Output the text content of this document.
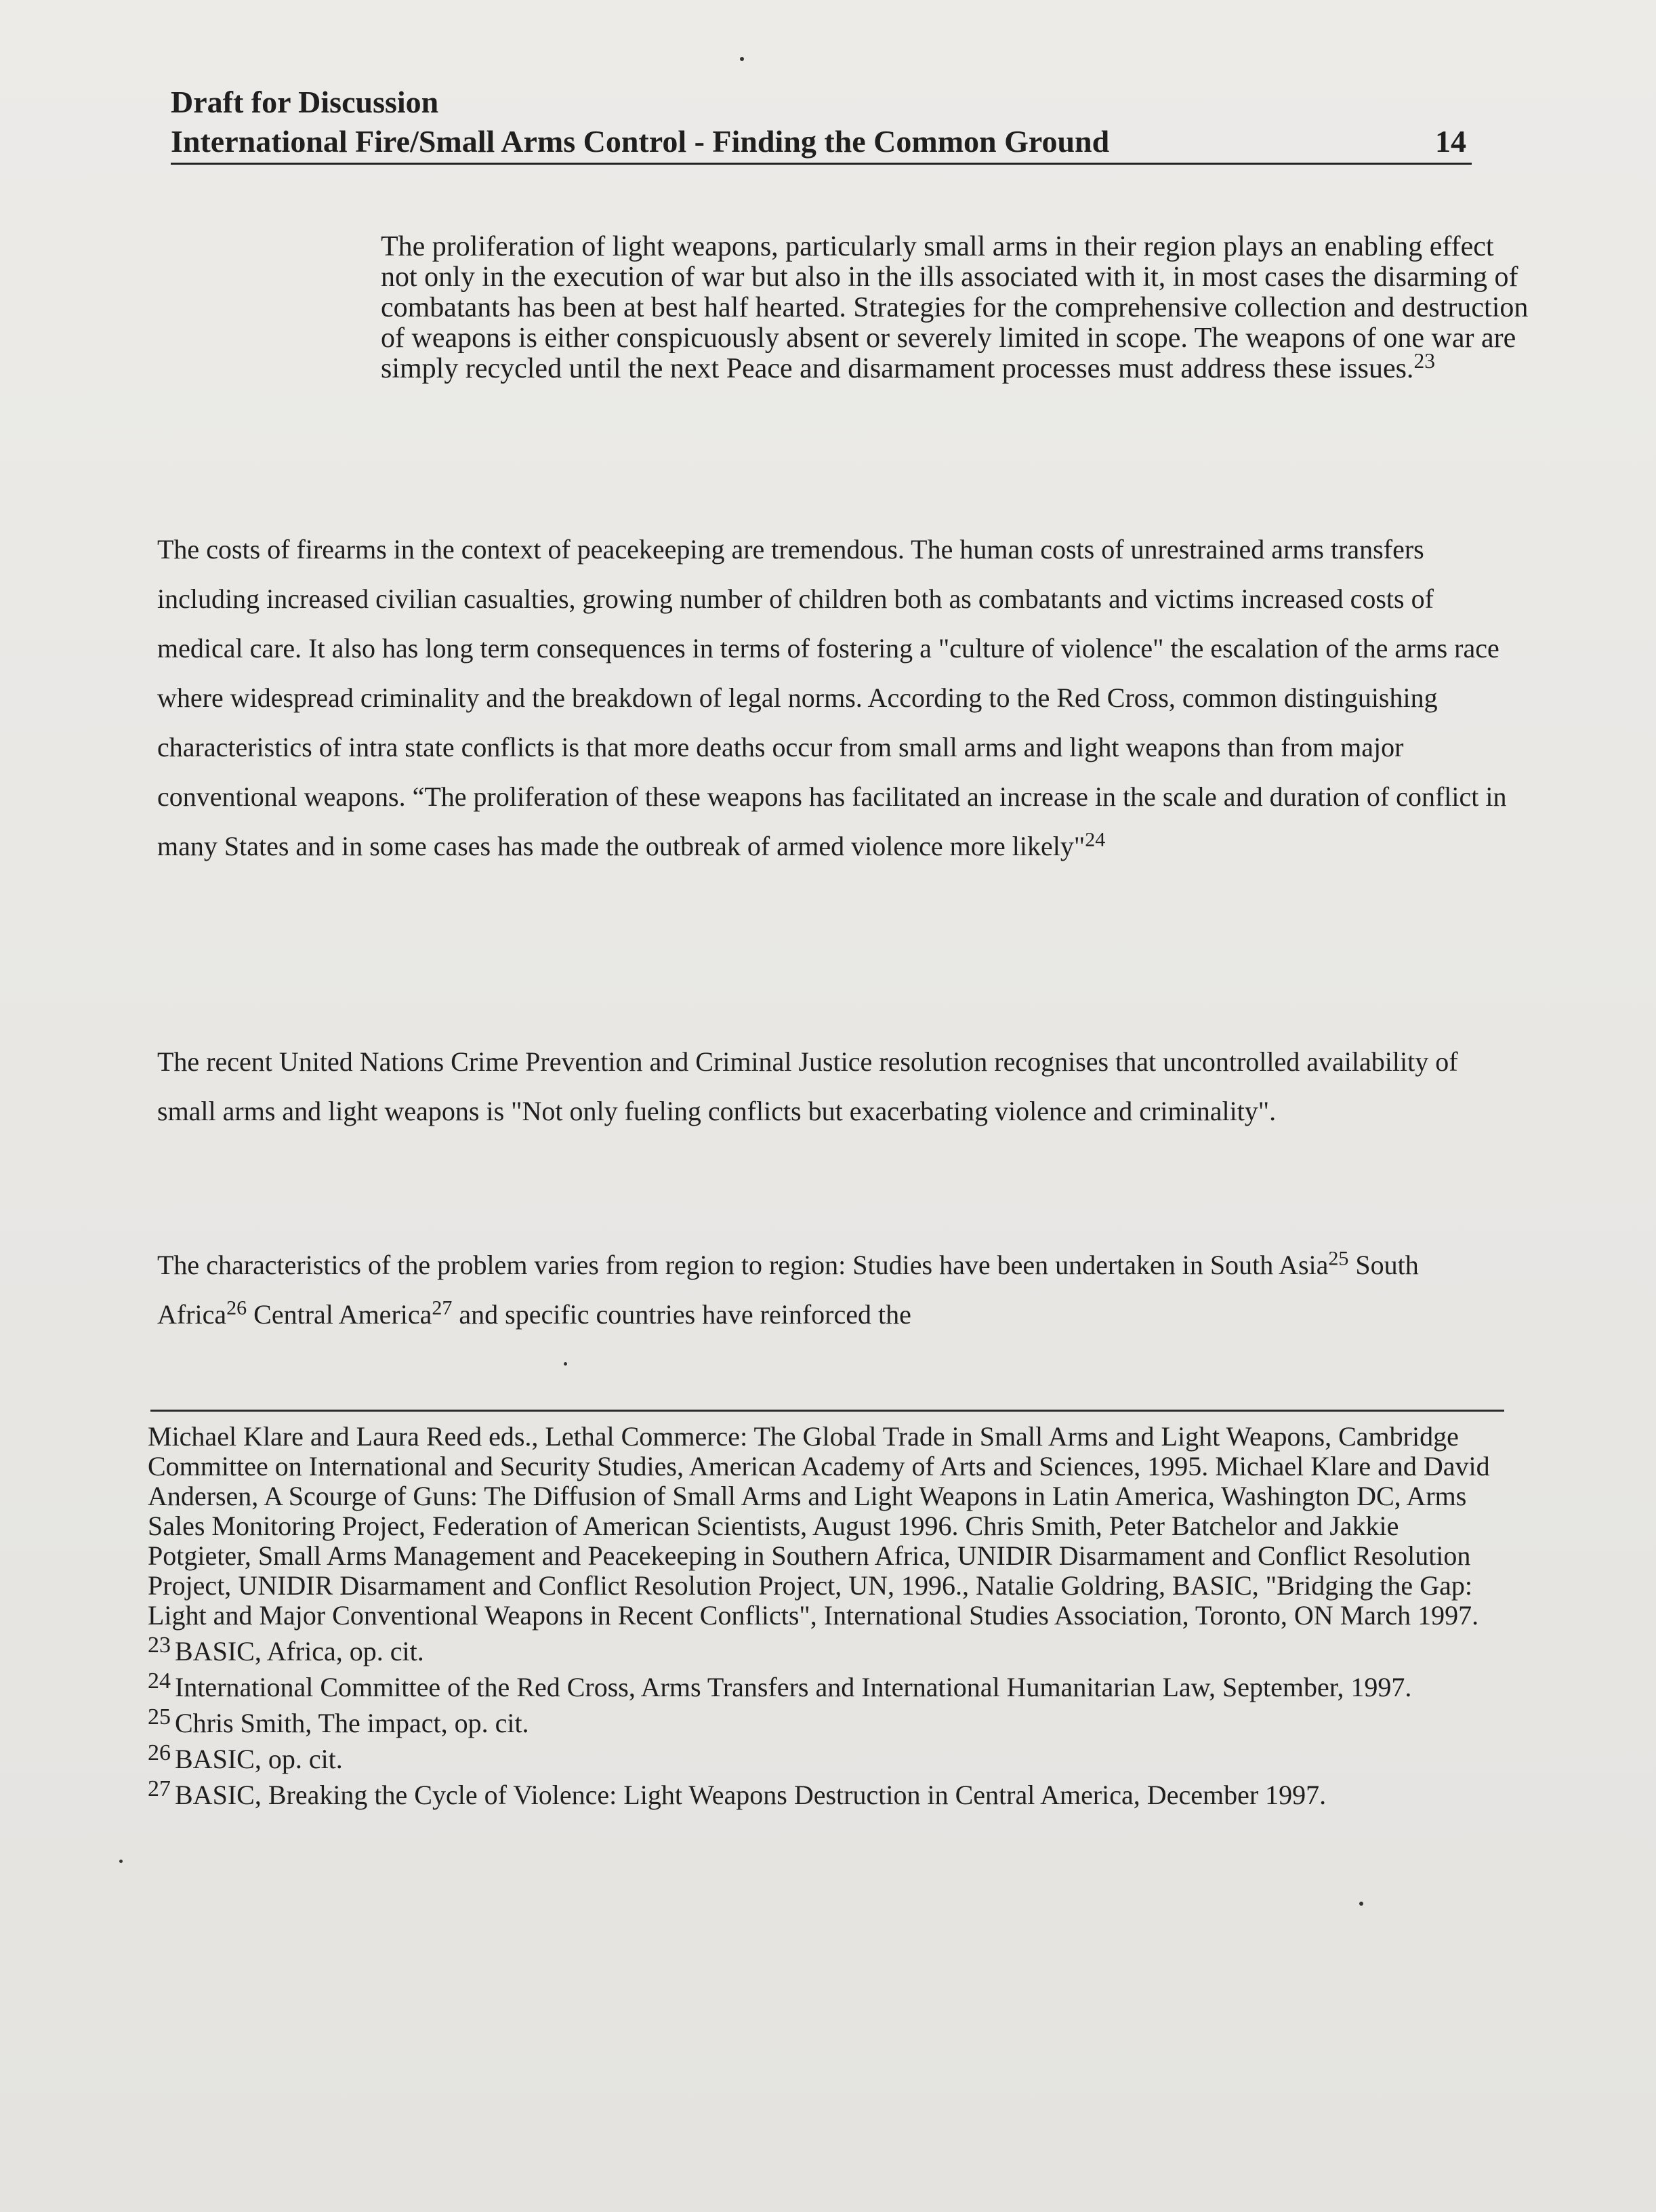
Draft for Discussion
International Fire/Small Arms Control - Finding the Common Ground	14

The proliferation of light weapons, particularly small arms in their region plays an enabling effect not only in the execution of war but also in the ills associated with it, in most cases the disarming of combatants has been at best half hearted. Strategies for the comprehensive collection and destruction of weapons is either conspicuously absent or severely limited in scope. The weapons of one war are simply recycled until the next Peace and disarmament processes must address these issues.$^{23}$

The costs of firearms in the context of peacekeeping are tremendous. The human costs of unrestrained arms transfers including increased civilian casualties, growing number of children both as combatants and victims increased costs of medical care. It also has long term consequences in terms of fostering a "culture of violence" the escalation of the arms race where widespread criminality and the breakdown of legal norms. According to the Red Cross, common distinguishing characteristics of intra state conflicts is that more deaths occur from small arms and light weapons than from major conventional weapons. “The proliferation of these weapons has facilitated an increase in the scale and duration of conflict in many States and in some cases has made the outbreak of armed violence more likely"$^{24}$

The recent United Nations Crime Prevention and Criminal Justice resolution recognises that uncontrolled availability of small arms and light weapons is "Not only fueling conflicts but exacerbating violence and criminality".

The characteristics of the problem varies from region to region: Studies have been undertaken in South Asia$^{25}$ South Africa$^{26}$ Central America$^{27}$ and specific countries have reinforced the

Michael Klare and Laura Reed eds., Lethal Commerce: The Global Trade in Small Arms and Light Weapons, Cambridge Committee on International and Security Studies, American Academy of Arts and Sciences, 1995. Michael Klare and David Andersen, A Scourge of Guns: The Diffusion of Small Arms and Light Weapons in Latin America, Washington DC, Arms Sales Monitoring Project, Federation of American Scientists, August 1996. Chris Smith, Peter Batchelor and Jakkie Potgieter, Small Arms Management and Peacekeeping in Southern Africa, UNIDIR Disarmament and Conflict Resolution Project, UNIDIR Disarmament and Conflict Resolution Project, UN, 1996., Natalie Goldring, BASIC, "Bridging the Gap: Light and Major Conventional Weapons in Recent Conflicts", International Studies Association, Toronto, ON March 1997.

$^{23}$ BASIC, Africa, op. cit.

$^{24}$ International Committee of the Red Cross, Arms Transfers and International Humanitarian Law, September, 1997.

$^{25}$ Chris Smith, The impact, op. cit.

$^{26}$ BASIC, op. cit.

$^{27}$ BASIC, Breaking the Cycle of Violence: Light Weapons Destruction in Central America, December 1997.
